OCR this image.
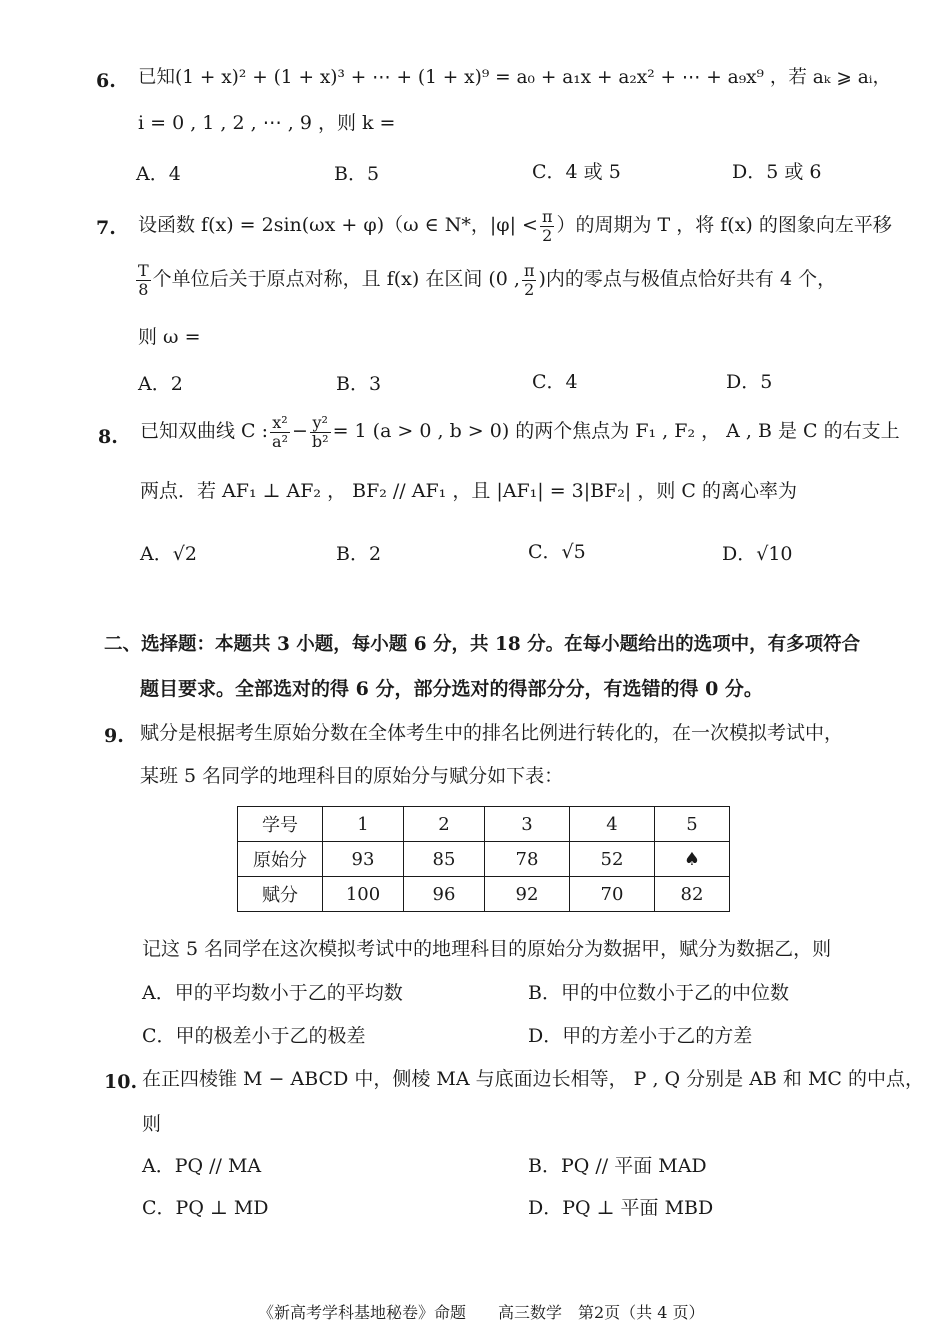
6. 已知(1 + x)² + (1 + x)³ + ⋯ + (1 + x)⁹ = a₀ + a₁x + a₂x² + ⋯ + a₉x⁹ ，若 aₖ ⩾ aᵢ，
i = 0 , 1 , 2 , ⋯ , 9 ，则 k =
A．4	B．5	C．4 或 5	D．5 或 6
7. 设函数 f(x) = 2sin(ωx + φ)（ω ∈ N*，$|\varphi| < \frac{\pi}{2}$ ）的周期为 T ，将 f(x) 的图象向左平移
$\frac{T}{8}$ 个单位后关于原点对称，且 f(x) 在区间 (0 , $\frac{\pi}{2}$ )内的零点与极值点恰好共有 4 个，
则 ω =
A．2	B．3	C．4	D．5
8. 已知双曲线 C : $\frac{\text{x²}}{\text{a²}} - \frac{\text{y²}}{\text{b²}} = 1$ (a > 0 , b > 0) 的两个焦点为 F₁ , F₂ ， A , B 是 C 的右支上
两点．若 AF₁ ⊥ AF₂ ， BF₂ // AF₁ ，且 |AF₁| = 3|BF₂| ，则 C 的离心率为
A．√2	B．2	C．√5	D．√10
二、选择题：本题共 3 小题，每小题 6 分，共 18 分。在每小题给出的选项中，有多项符合
题目要求。全部选对的得 6 分，部分选对的得部分分，有选错的得 0 分。
9. 赋分是根据考生原始分数在全体考生中的排名比例进行转化的，在一次模拟考试中，
某班 5 名同学的地理科目的原始分与赋分如下表：
学号	1	2	3	4	5
原始分	93	85	78	52	♠
赋分	100	96	92	70	82
记这 5 名同学在这次模拟考试中的地理科目的原始分为数据甲，赋分为数据乙，则
A．甲的平均数小于乙的平均数	B．甲的中位数小于乙的中位数
C．甲的极差小于乙的极差	D．甲的方差小于乙的方差
10. 在正四棱锥 M − ABCD 中，侧棱 MA 与底面边长相等， P , Q 分别是 AB 和 MC 的中点，
则
A．PQ // MA	B．PQ // 平面 MAD
C．PQ ⊥ MD	D．PQ ⊥ 平面 MBD
《新高考学科基地秘卷》命题　　高三数学　第2页（共 4 页）
